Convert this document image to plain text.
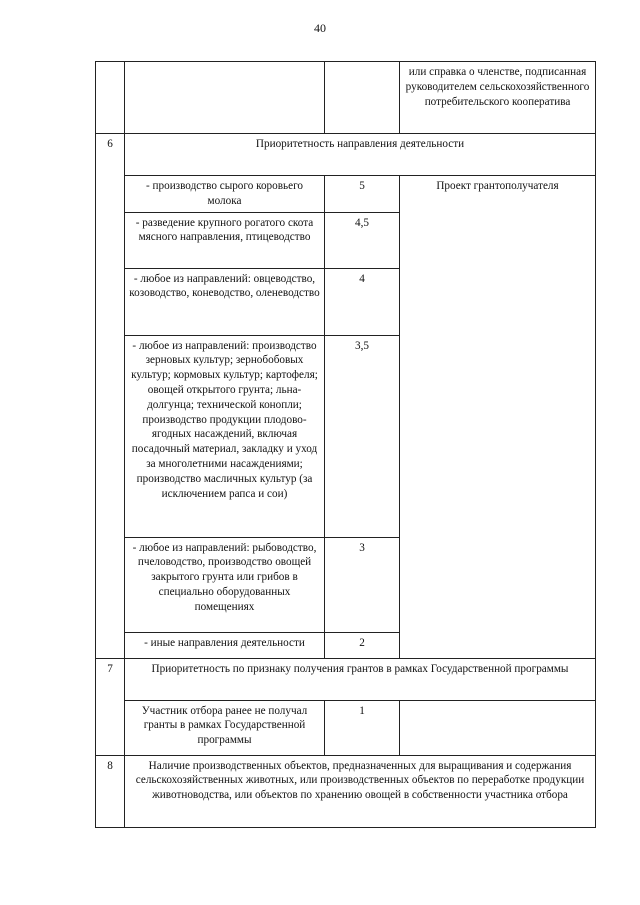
40
			или справка о членстве, подписанная руководителем сельскохозяйственного потребительского кооператива
6	Приоритетность направления деятельности		
	- производство сырого коровьего молока	5	Проект грантополучателя
	- разведение крупного рогатого скота мясного направления, птицеводство	4,5	
	- любое из направлений: овцеводство, козоводство, коневодство, оленеводство	4	
	- любое из направлений: производство зерновых культур; зернобобовых культур; кормовых культур; картофеля; овощей открытого грунта; льна-долгунца; технической конопли; производство продукции плодово-ягодных насаждений, включая посадочный материал, закладку и уход за многолетними насаждениями; производство масличных культур (за исключением рапса и сои)	3,5	
	- любое из направлений: рыбоводство, пчеловодство, производство овощей закрытого грунта или грибов в специально оборудованных помещениях	3	
	- иные направления деятельности	2	
7	Приоритетность по признаку получения грантов в рамках Государственной программы		
	Участник отбора ранее не получал гранты в рамках Государственной программы	1	
8	Наличие производственных объектов, предназначенных для выращивания и содержания сельскохозяйственных животных, или производственных объектов по переработке продукции животноводства, или объектов по хранению овощей в собственности участника отбора		
